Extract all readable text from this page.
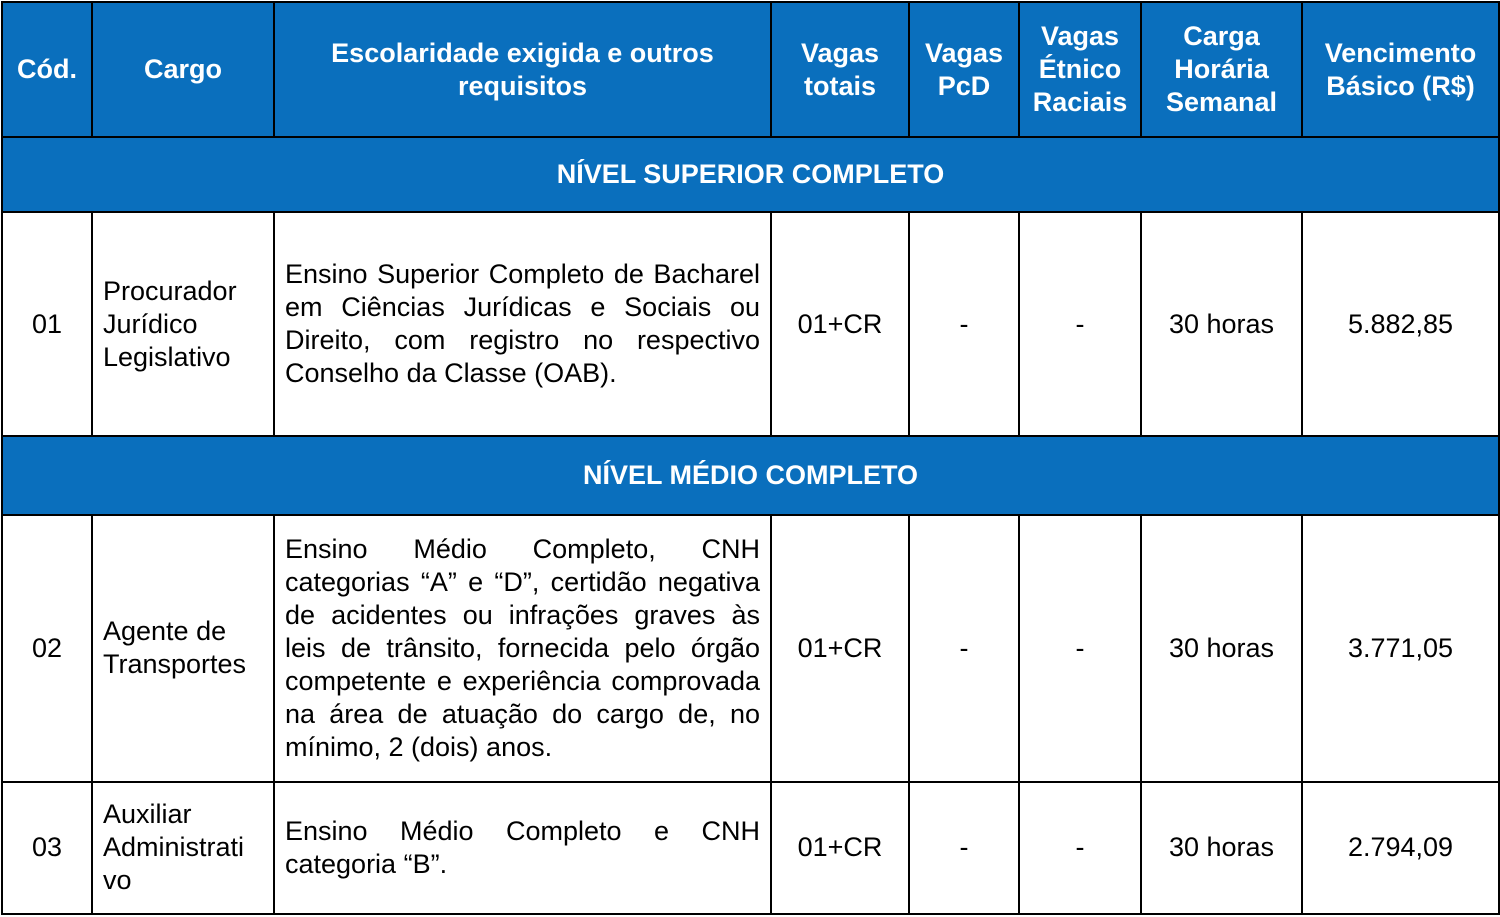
Cód.	Cargo	Escolaridade exigida e outros requisitos	Vagas totais	Vagas PcD	Vagas Étnico Raciais	Carga Horária Semanal	Vencimento Básico (R$)
NÍVEL SUPERIOR COMPLETO							
01	Procurador
Jurídico
Legislativo	Ensino Superior Completo de Bacharel em Ciências Jurídicas e Sociais ou Direito, com registro no respectivo Conselho da Classe (OAB).	01+CR	-	-	30 horas	5.882,85
NÍVEL MÉDIO COMPLETO							
02	Agente de
Transportes	Ensino Médio Completo, CNH categorias “A” e “D”, certidão negativa de acidentes ou infrações graves às leis de trânsito, fornecida pelo órgão competente e experiência comprovada na área de atuação do cargo de, no mínimo, 2 (dois) anos.	01+CR	-	-	30 horas	3.771,05
03	Auxiliar
Administrati
vo	Ensino Médio Completo e CNH categoria “B”.	01+CR	-	-	30 horas	2.794,09
